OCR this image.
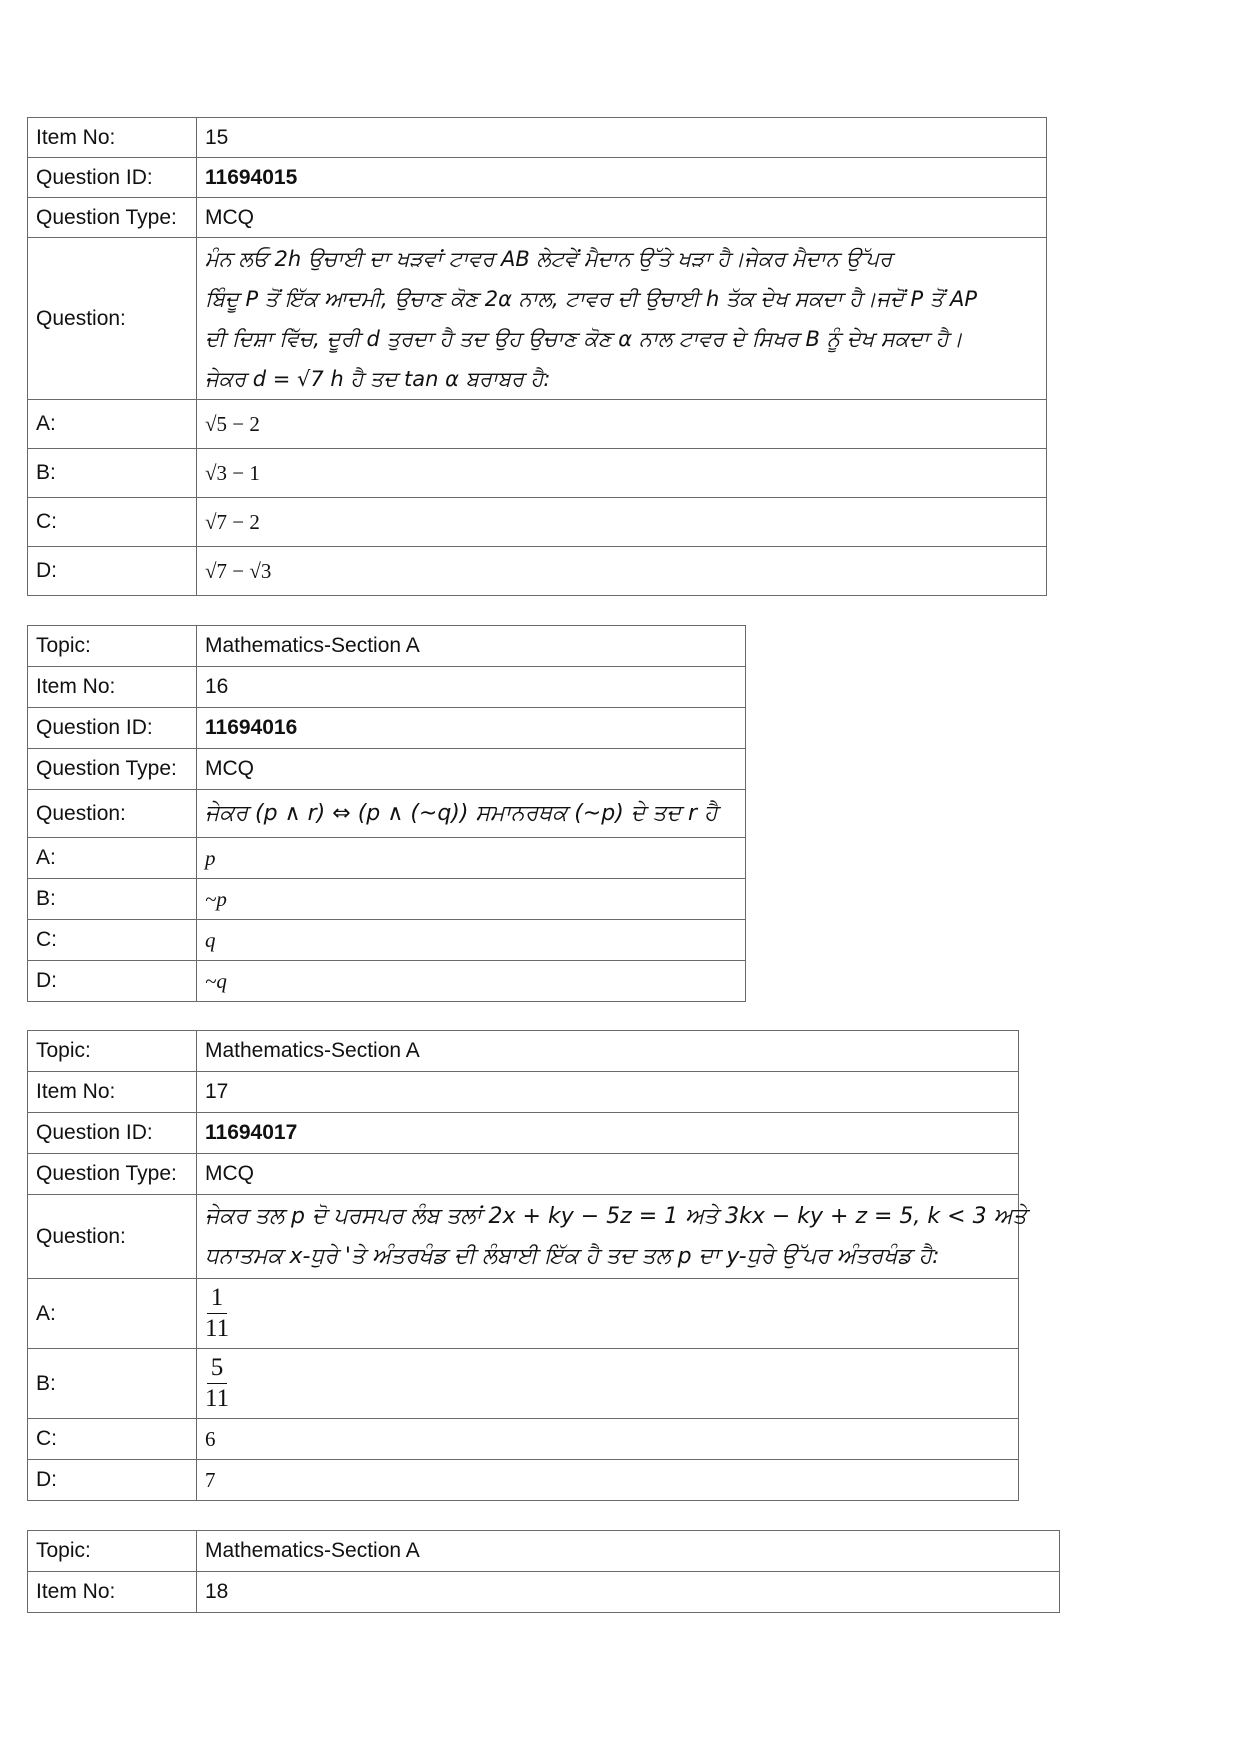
Item No:	15
Question ID:	11694015
Question Type:	MCQ
Question:	ਮੰਨ ਲਓ 2h ਉਚਾਈ ਦਾ ਖੜਵਾਂ ਟਾਵਰ AB ਲੇਟਵੇਂ ਮੈਦਾਨ ਉੱਤੇ ਖੜਾ ਹੈ।ਜੇਕਰ ਮੈਦਾਨ ਉੱਪਰ
ਬਿੰਦੂ P ਤੋਂ ਇੱਕ ਆਦਮੀ, ਉਚਾਣ ਕੋਣ 2α ਨਾਲ, ਟਾਵਰ ਦੀ ਉਚਾਈ h ਤੱਕ ਦੇਖ ਸਕਦਾ ਹੈ।ਜਦੋਂ P ਤੋਂ AP
ਦੀ ਦਿਸ਼ਾ ਵਿੱਚ, ਦੂਰੀ d ਤੁਰਦਾ ਹੈ ਤਦ ਉਹ ਉਚਾਣ ਕੋਣ α ਨਾਲ ਟਾਵਰ ਦੇ ਸਿਖਰ B ਨੂੰ ਦੇਖ ਸਕਦਾ ਹੈ।
ਜੇਕਰ d = √7 h ਹੈ ਤਦ tan α ਬਰਾਬਰ ਹੈ:

A:	√5 − 2
B:	√3 − 1
C:	√7 − 2
D:	√7 − √3
Topic:	Mathematics-Section A
Item No:	16
Question ID:	11694016
Question Type:	MCQ
Question:	ਜੇਕਰ (p ∧ r) ⇔ (p ∧ (~q)) ਸਮਾਨਰਥਕ (~p) ਦੇ ਤਦ r ਹੈ
A:	p
B:	~p
C:	q
D:	~q
Topic:	Mathematics-Section A
Item No:	17
Question ID:	11694017
Question Type:	MCQ
Question:	ਜੇਕਰ ਤਲ p ਦੋ ਪਰਸਪਰ ਲੰਬ ਤਲਾਂ 2x + ky − 5z = 1 ਅਤੇ 3kx − ky + z = 5, k < 3 ਅਤੇ
ਧਨਾਤਮਕ x-ਧੁਰੇ 'ਤੇ ਅੰਤਰਖੰਡ ਦੀ ਲੰਬਾਈ ਇੱਕ ਹੈ ਤਦ ਤਲ p ਦਾ y-ਧੁਰੇ ਉੱਪਰ ਅੰਤਰਖੰਡ ਹੈ:

A:	$\frac{1}{11}$

B:	$\frac{5}{11}$

C:	6
D:	7
Topic:	Mathematics-Section A
Item No:	18
